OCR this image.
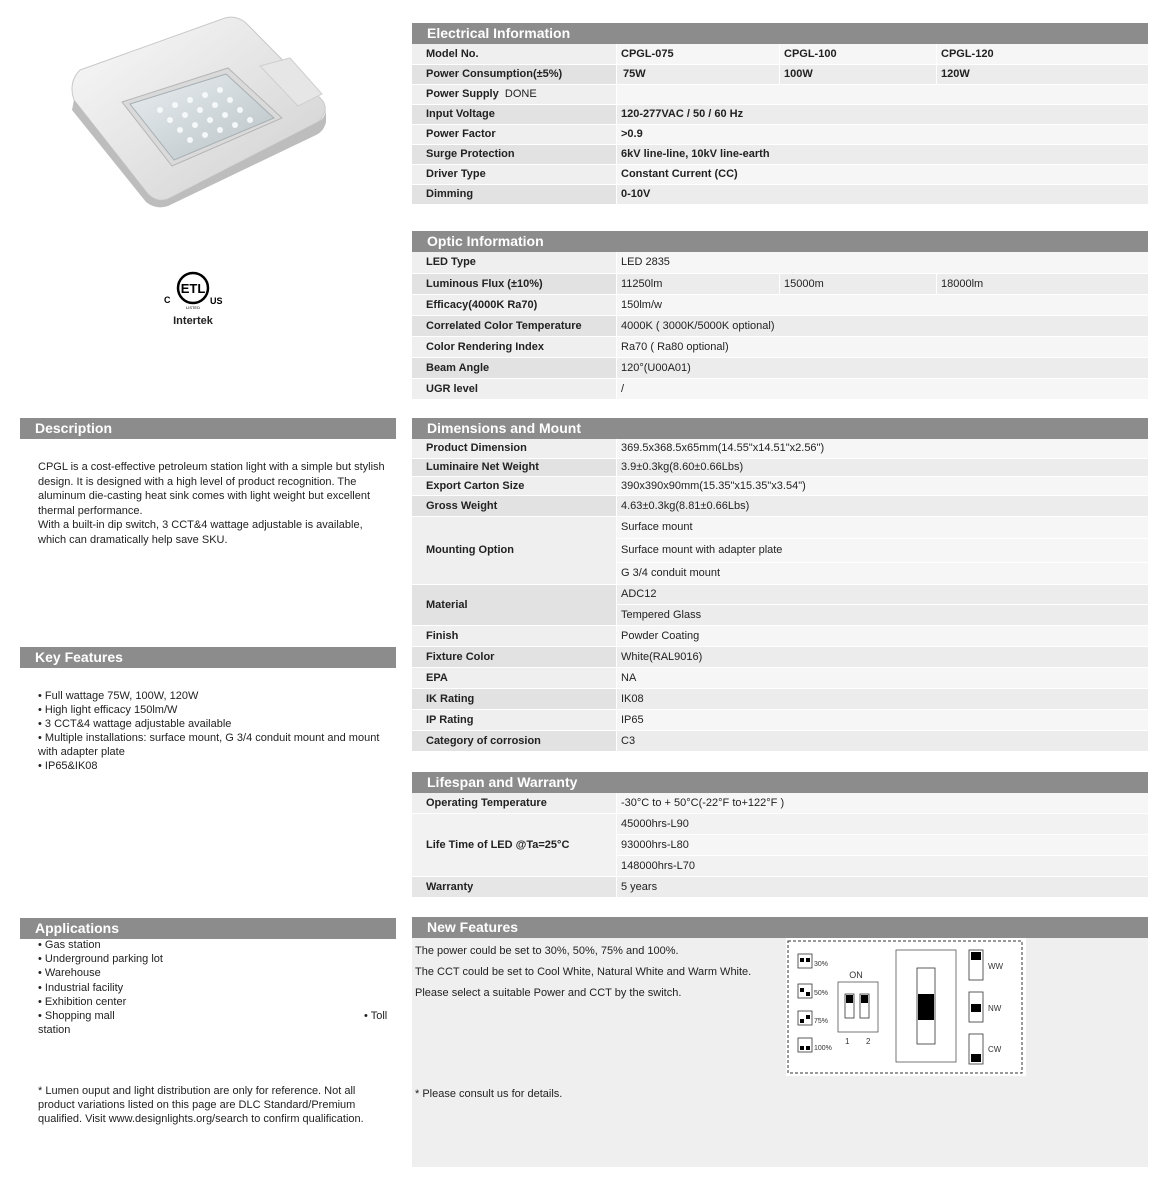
ETL
C	US
LISTED
Intertek
Description
CPGL is a cost-effective petroleum station light with a simple but stylish design. It is designed with a high level of product recognition. The aluminum die-casting heat sink comes with light weight but excellent thermal performance.
With a built-in dip switch, 3 CCT&4 wattage adjustable is available, which can dramatically help save SKU.
Key Features
• Full wattage 75W, 100W, 120W
• High light efficacy 150lm/W
• 3 CCT&4 wattage adjustable available
• Multiple installations: surface mount, G 3/4 conduit mount and mount with adapter plate
• IP65&IK08
Applications
• Gas station
• Underground parking lot
• Warehouse
• Industrial facility
• Exhibition center
• Shopping mall	• Toll
station
* Lumen ouput and light distribution are only for reference. Not all product variations listed on this page are DLC Standard/Premium qualified. Visit www.designlights.org/search to confirm qualification.
Electrical Information
Model No.	CPGL-075	CPGL-100	CPGL-120
Power Consumption(±5%)	75W	100W	120W
Power Supply DONE			
Input Voltage	120-277VAC / 50 / 60 Hz		
Power Factor	>0.9		
Surge Protection	6kV line-line, 10kV line-earth		
Driver Type	Constant Current (CC)		
Dimming	0-10V		
Optic Information
LED Type	LED 2835		
Luminous Flux (±10%)	11250lm	15000m	18000lm
Efficacy(4000K Ra70)	150lm/w		
Correlated Color Temperature	4000K ( 3000K/5000K optional)		
Color Rendering Index	Ra70 ( Ra80 optional)		
Beam Angle	120°(U00A01)		
UGR level	/		
Dimensions and Mount
Product Dimension	369.5x368.5x65mm(14.55"x14.51"x2.56")
Luminaire Net Weight	3.9±0.3kg(8.60±0.66Lbs)
Export Carton Size	390x390x90mm(15.35"x15.35"x3.54")
Gross Weight	4.63±0.3kg(8.81±0.66Lbs)
Mounting Option	Surface mount
	Surface mount with adapter plate
	G 3/4 conduit mount
Material	ADC12
	Tempered Glass
Finish	Powder Coating
Fixture Color	White(RAL9016)
EPA	NA
IK Rating	IK08
IP Rating	IP65
Category of corrosion	C3
Lifespan and Warranty
Operating Temperature	-30°C to + 50°C(-22°F to+122°F )
Life Time of LED @Ta=25°C	45000hrs-L90
	93000hrs-L80
	148000hrs-L70
Warranty	5 years
New Features
The power could be set to 30%, 50%, 75% and 100%.
The CCT could be set to Cool White, Natural White and Warm White.
Please select a suitable Power and CCT by the switch.
* Please consult us for details.
30%
50%
75%
100%
ON
1 2
WW
NW
CW
